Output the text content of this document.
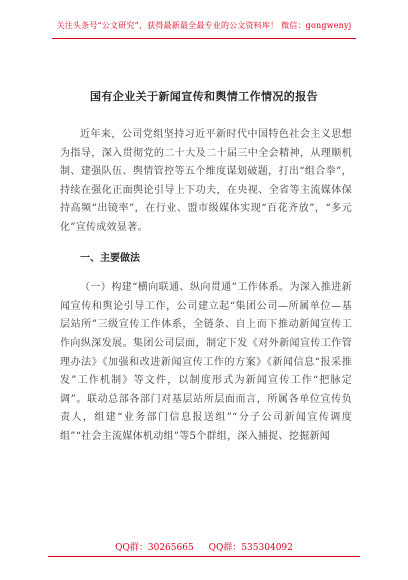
关注头条号“公文研究”，获得最新最全最专业的公文资料库！ 微信：gongwenyj
国有企业关于新闻宣传和舆情工作情况的报告

近年来，公司党组坚持习近平新时代中国特色社会主义思想为指导，深入贯彻党的二十大及二十届三中全会精神，从理顺机制、建强队伍、舆情管控等五个维度谋划破题，打出“组合拳”，持续在强化正面舆论引导上下功夫，在央视、全省等主流媒体保持高频“出镜率”，在行业、盟市级媒体实现“百花齐放”，“多元化”宣传成效显著。

一、主要做法

（一）构建“横向联通、纵向贯通”工作体系。为深入推进新闻宣传和舆论引导工作，公司建立起“集团公司—所属单位—基层站所”三级宣传工作体系，全链条、自上而下推动新闻宣传工作向纵深发展。集团公司层面，制定下发《对外新闻宣传工作管理办法》《加强和改进新闻宣传工作的方案》《新闻信息“报采推发”工作机制》等文件，以制度形式为新闻宣传工作“把脉定调”。联动总部各部门对基层站所层面而言，所属各单位宣传负责人，组建“业务部门信息报送组”“分子公司新闻宣传调度组”“社会主流媒体机动组”等5个群组，深入捕捉、挖掘新闻

QQ群：30265665 QQ群：535304092
